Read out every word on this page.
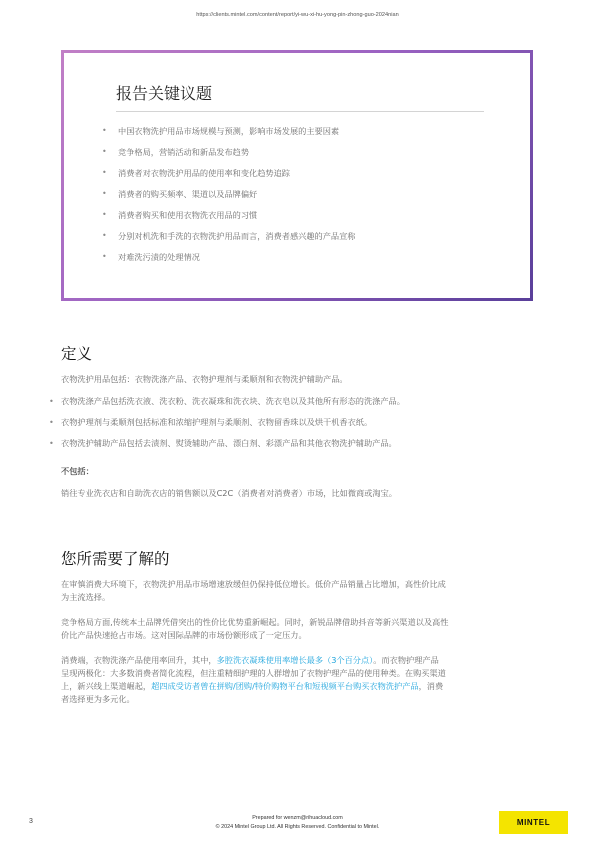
https://clients.mintel.com/content/report/yi-wu-xi-hu-yong-pin-zhong-guo-2024nian
报告关键议题
• 中国衣物洗护用品市场规模与预测，影响市场发展的主要因素
• 竞争格局，营销活动和新品发布趋势
• 消费者对衣物洗护用品的使用率和变化趋势追踪
• 消费者的购买频率、渠道以及品牌偏好
• 消费者购买和使用衣物洗衣用品的习惯
• 分别对机洗和手洗的衣物洗护用品而言，消费者感兴趣的产品宣称
• 对难洗污渍的处理情况
定义
衣物洗护用品包括：衣物洗涤产品、衣物护理剂与柔顺剂和衣物洗护辅助产品。
• 衣物洗涤产品包括洗衣液、洗衣粉、洗衣凝珠和洗衣块、洗衣皂以及其他所有形态的洗涤产品。
• 衣物护理剂与柔顺剂包括标准和浓缩护理剂与柔顺剂、衣物留香珠以及烘干机香衣纸。
• 衣物洗护辅助产品包括去渍剂、熨烫辅助产品、漂白剂、彩漂产品和其他衣物洗护辅助产品。
不包括：
销往专业洗衣店和自助洗衣店的销售额以及C2C（消费者对消费者）市场，比如微商或淘宝。
您所需要了解的
在审慎消费大环境下，衣物洗护用品市场增速放缓但仍保持低位增长。低价产品销量占比增加，高性价比成
为主流选择。
竞争格局方面,传统本土品牌凭借突出的性价比优势重新崛起。同时，新锐品牌借助抖音等新兴渠道以及高性
价比产品快速抢占市场。这对国际品牌的市场份额形成了一定压力。
消费端，衣物洗涤产品使用率回升，其中，多腔洗衣凝珠使用率增长最多（3个百分点）。而衣物护理产品
呈现两极化：大多数消费者简化流程，但注重精细护理的人群增加了衣物护理产品的使用种类。在购买渠道
上，新兴线上渠道崛起，超四成受访者曾在拼购/团购/特价购物平台和短视频平台购买衣物洗护产品，消费
者选择更为多元化。
3	Prepared for wenzm@rihuacloud.com
© 2024 Mintel Group Ltd. All Rights Reserved. Confidential to Mintel.	MINTEL
